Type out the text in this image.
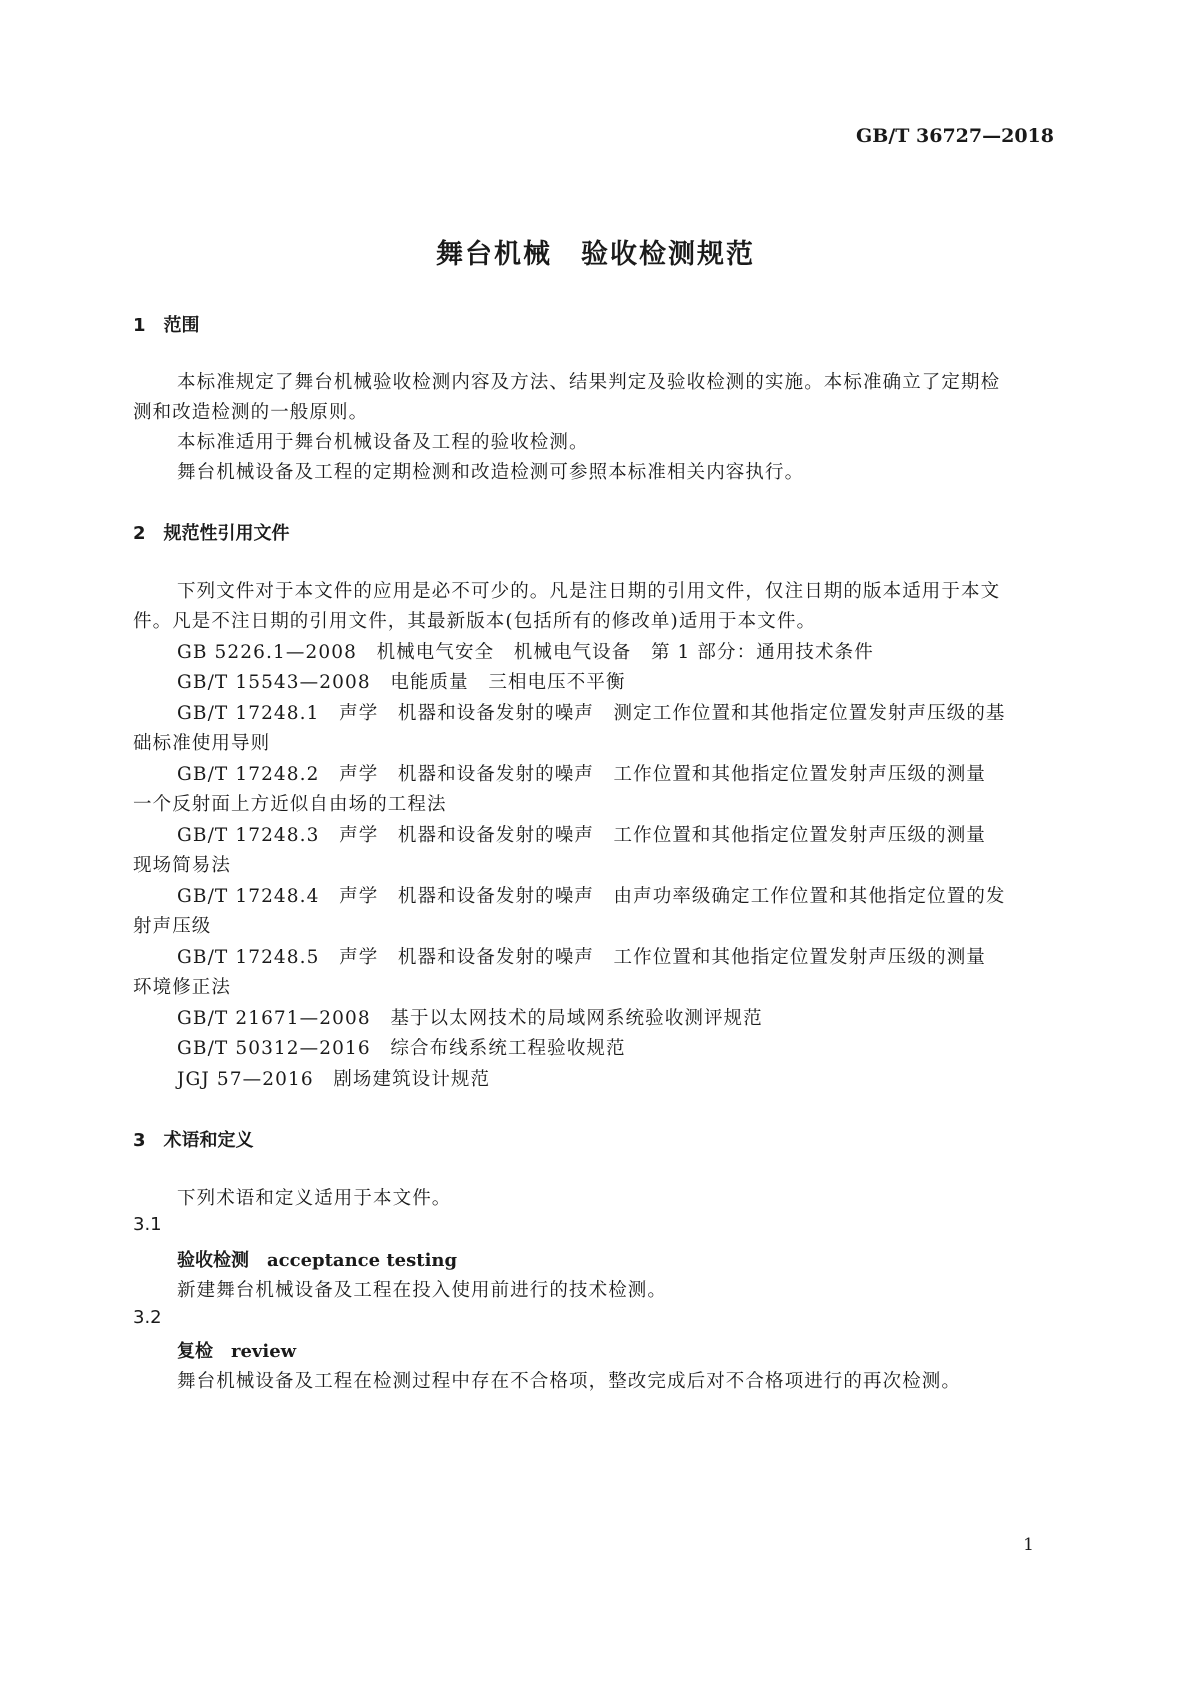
GB/T 36727—2018
舞台机械　验收检测规范
1　范围

本标准规定了舞台机械验收检测内容及方法、结果判定及验收检测的实施。本标准确立了定期检

测和改造检测的一般原则。

本标准适用于舞台机械设备及工程的验收检测。

舞台机械设备及工程的定期检测和改造检测可参照本标准相关内容执行。

2　规范性引用文件

下列文件对于本文件的应用是必不可少的。凡是注日期的引用文件，仅注日期的版本适用于本文

件。凡是不注日期的引用文件，其最新版本(包括所有的修改单)适用于本文件。

GB 5226.1—2008　机械电气安全　机械电气设备　第 1 部分：通用技术条件

GB/T 15543—2008　电能质量　三相电压不平衡

GB/T 17248.1　声学　机器和设备发射的噪声　测定工作位置和其他指定位置发射声压级的基

础标准使用导则

GB/T 17248.2　声学　机器和设备发射的噪声　工作位置和其他指定位置发射声压级的测量

一个反射面上方近似自由场的工程法

GB/T 17248.3　声学　机器和设备发射的噪声　工作位置和其他指定位置发射声压级的测量

现场简易法

GB/T 17248.4　声学　机器和设备发射的噪声　由声功率级确定工作位置和其他指定位置的发

射声压级

GB/T 17248.5　声学　机器和设备发射的噪声　工作位置和其他指定位置发射声压级的测量

环境修正法

GB/T 21671—2008　基于以太网技术的局域网系统验收测评规范

GB/T 50312—2016　综合布线系统工程验收规范

JGJ 57—2016　剧场建筑设计规范

3　术语和定义

下列术语和定义适用于本文件。

3.1
验收检测　acceptance testing

新建舞台机械设备及工程在投入使用前进行的技术检测。

3.2
复检　review

舞台机械设备及工程在检测过程中存在不合格项，整改完成后对不合格项进行的再次检测。

1
